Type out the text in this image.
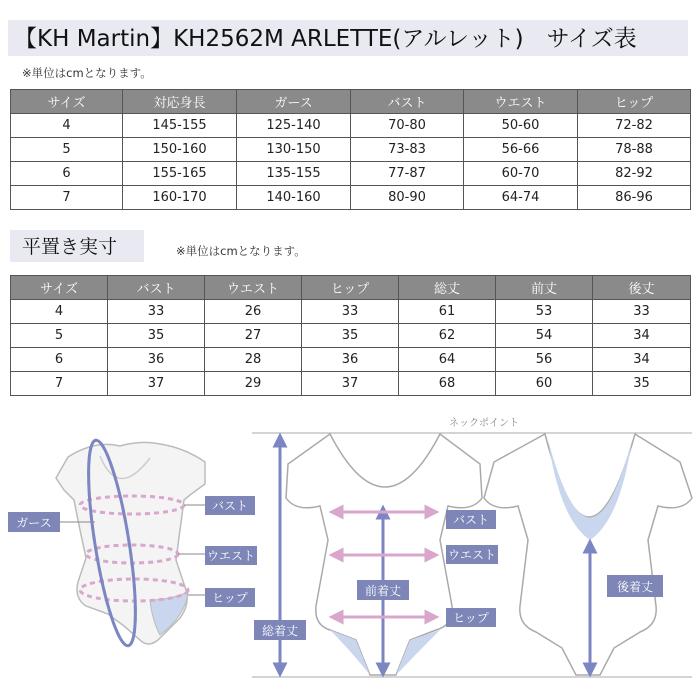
【KH Martin】KH2562M ARLETTE(アルレット)　サイズ表
※単位はcmとなります。
サイズ	対応身長	ガース	バスト	ウエスト	ヒップ
4	145-155	125-140	70-80	50-60	72-82
5	150-160	130-150	73-83	56-66	78-88
6	155-165	135-155	77-87	60-70	82-92
7	160-170	140-160	80-90	64-74	86-96
平置き実寸	※単位はcmとなります。
サイズ	バスト	ウエスト	ヒップ	総丈	前丈	後丈
4	33	26	33	61	53	33
5	35	27	35	62	54	34
6	36	28	36	64	56	34
7	37	29	37	68	60	35
ガース
バスト
ウエスト
ヒップ
ネックポイント
総着丈
前着丈
バスト
ウエスト
ヒップ
後着丈
